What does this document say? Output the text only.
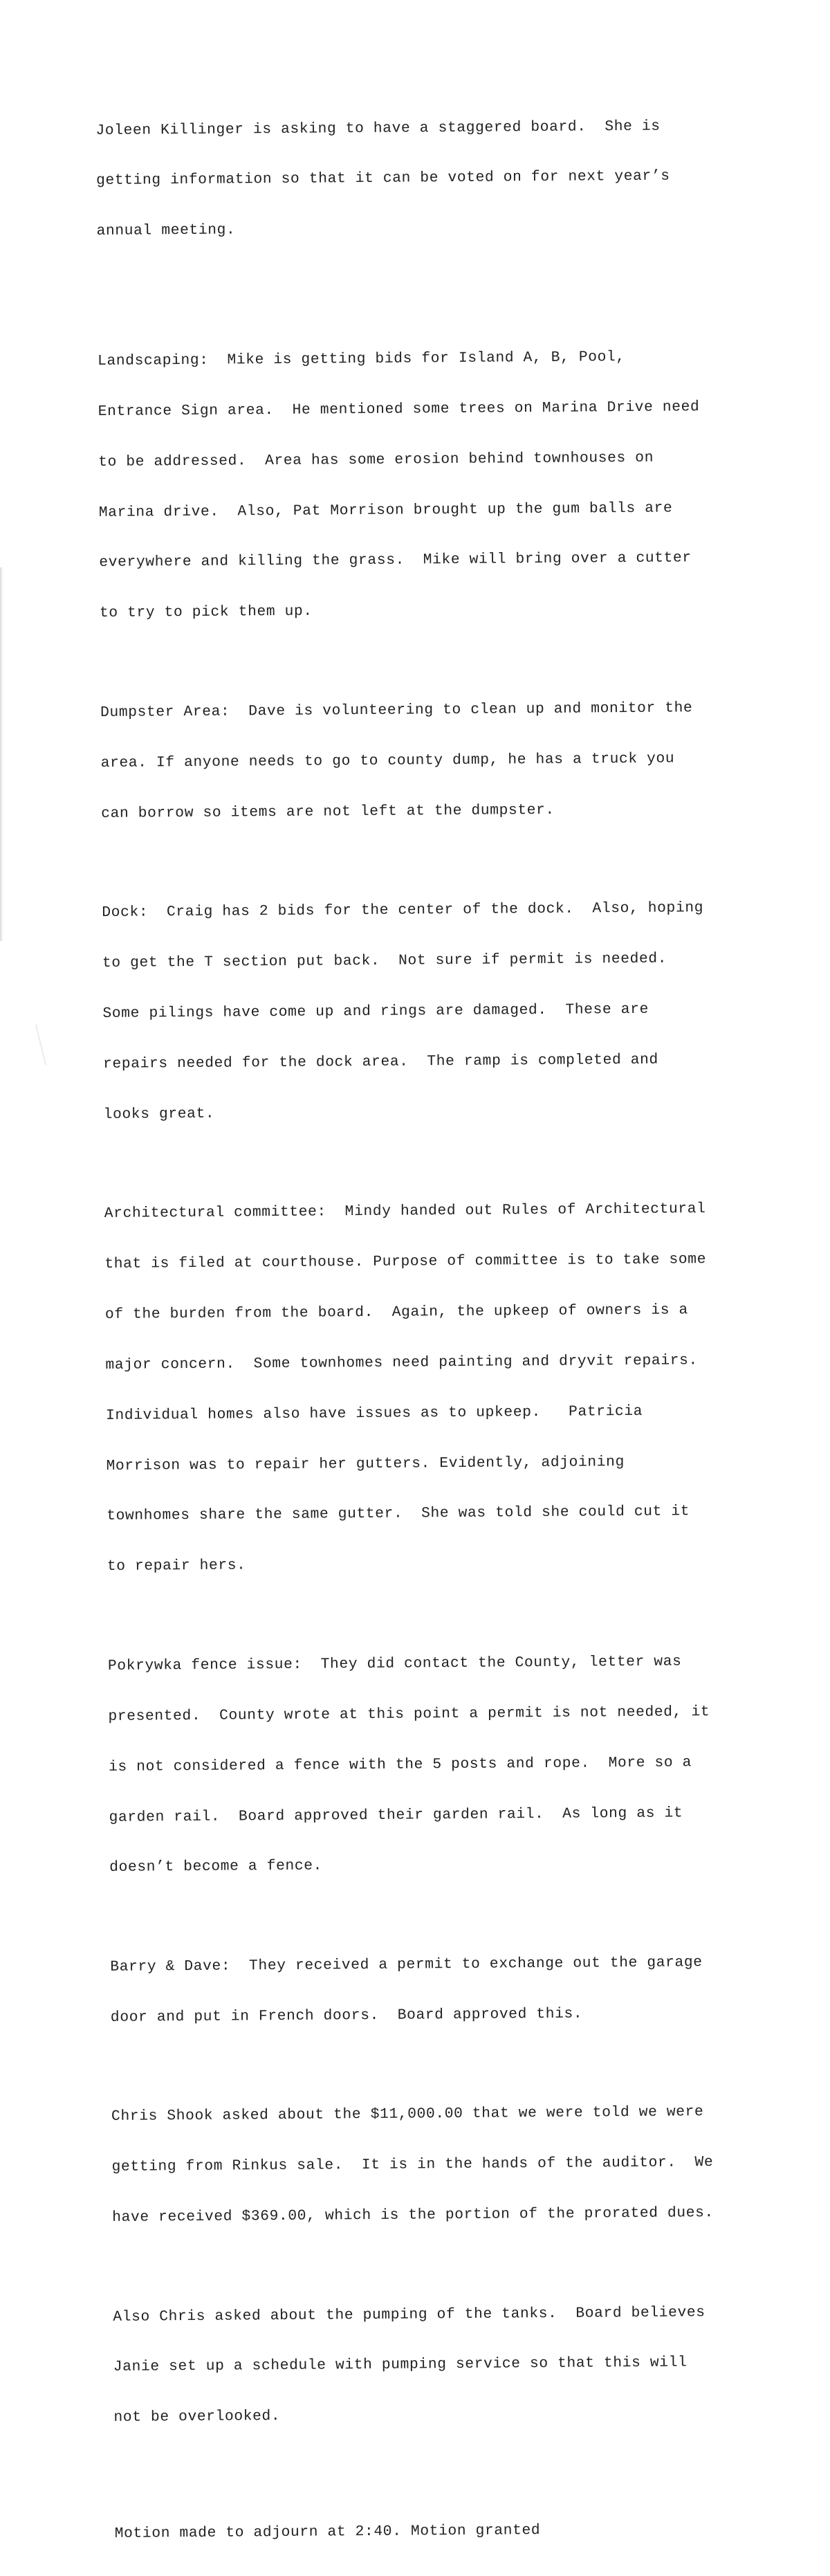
Joleen Killinger is asking to have a staggered board.  She is

getting information so that it can be voted on for next year’s

annual meeting.

Landscaping:  Mike is getting bids for Island A, B, Pool,

Entrance Sign area.  He mentioned some trees on Marina Drive need

to be addressed.  Area has some erosion behind townhouses on

Marina drive.  Also, Pat Morrison brought up the gum balls are

everywhere and killing the grass.  Mike will bring over a cutter

to try to pick them up.

Dumpster Area:  Dave is volunteering to clean up and monitor the

area. If anyone needs to go to county dump, he has a truck you

can borrow so items are not left at the dumpster.

Dock:  Craig has 2 bids for the center of the dock.  Also, hoping

to get the T section put back.  Not sure if permit is needed.

Some pilings have come up and rings are damaged.  These are

repairs needed for the dock area.  The ramp is completed and

looks great.

Architectural committee:  Mindy handed out Rules of Architectural

that is filed at courthouse. Purpose of committee is to take some

of the burden from the board.  Again, the upkeep of owners is a

major concern.  Some townhomes need painting and dryvit repairs.

Individual homes also have issues as to upkeep.   Patricia

Morrison was to repair her gutters. Evidently, adjoining

townhomes share the same gutter.  She was told she could cut it

to repair hers.

Pokrywka fence issue:  They did contact the County, letter was

presented.  County wrote at this point a permit is not needed, it

is not considered a fence with the 5 posts and rope.  More so a

garden rail.  Board approved their garden rail.  As long as it

doesn’t become a fence.

Barry & Dave:  They received a permit to exchange out the garage

door and put in French doors.  Board approved this.

Chris Shook asked about the $11,000.00 that we were told we were

getting from Rinkus sale.  It is in the hands of the auditor.  We

have received $369.00, which is the portion of the prorated dues.

Also Chris asked about the pumping of the tanks.  Board believes

Janie set up a schedule with pumping service so that this will

not be overlooked.

Motion made to adjourn at 2:40. Motion granted
